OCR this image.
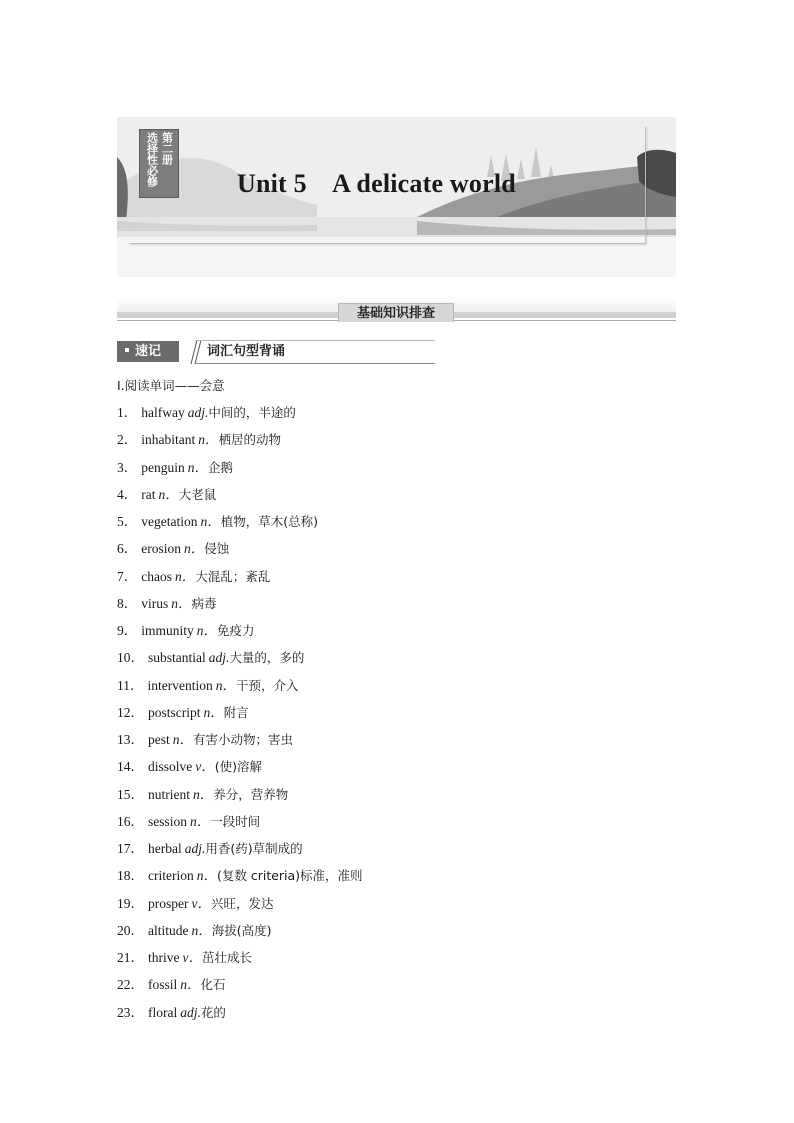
选择性必修 第二册
Unit 5    A delicate world
基础知识排查
速记	词汇句型背诵
Ⅰ.阅读单词——会意
1． halfway adj.中间的，半途的
2． inhabitant n．栖居的动物
3． penguin n．企鹅
4． rat n．大老鼠
5． vegetation n．植物，草木(总称)
6． erosion n．侵蚀
7． chaos n．大混乱；紊乱
8． virus n．病毒
9． immunity n．免疫力
10． substantial adj.大量的，多的
11． intervention n．干预，介入
12． postscript n．附言
13． pest n．有害小动物；害虫
14． dissolve v．(使)溶解
15． nutrient n．养分，营养物
16． session n．一段时间
17． herbal adj.用香(药)草制成的
18． criterion n．(复数 criteria)标准，准则
19． prosper v．兴旺，发达
20． altitude n．海拔(高度)
21． thrive v．茁壮成长
22． fossil n．化石
23． floral adj.花的
